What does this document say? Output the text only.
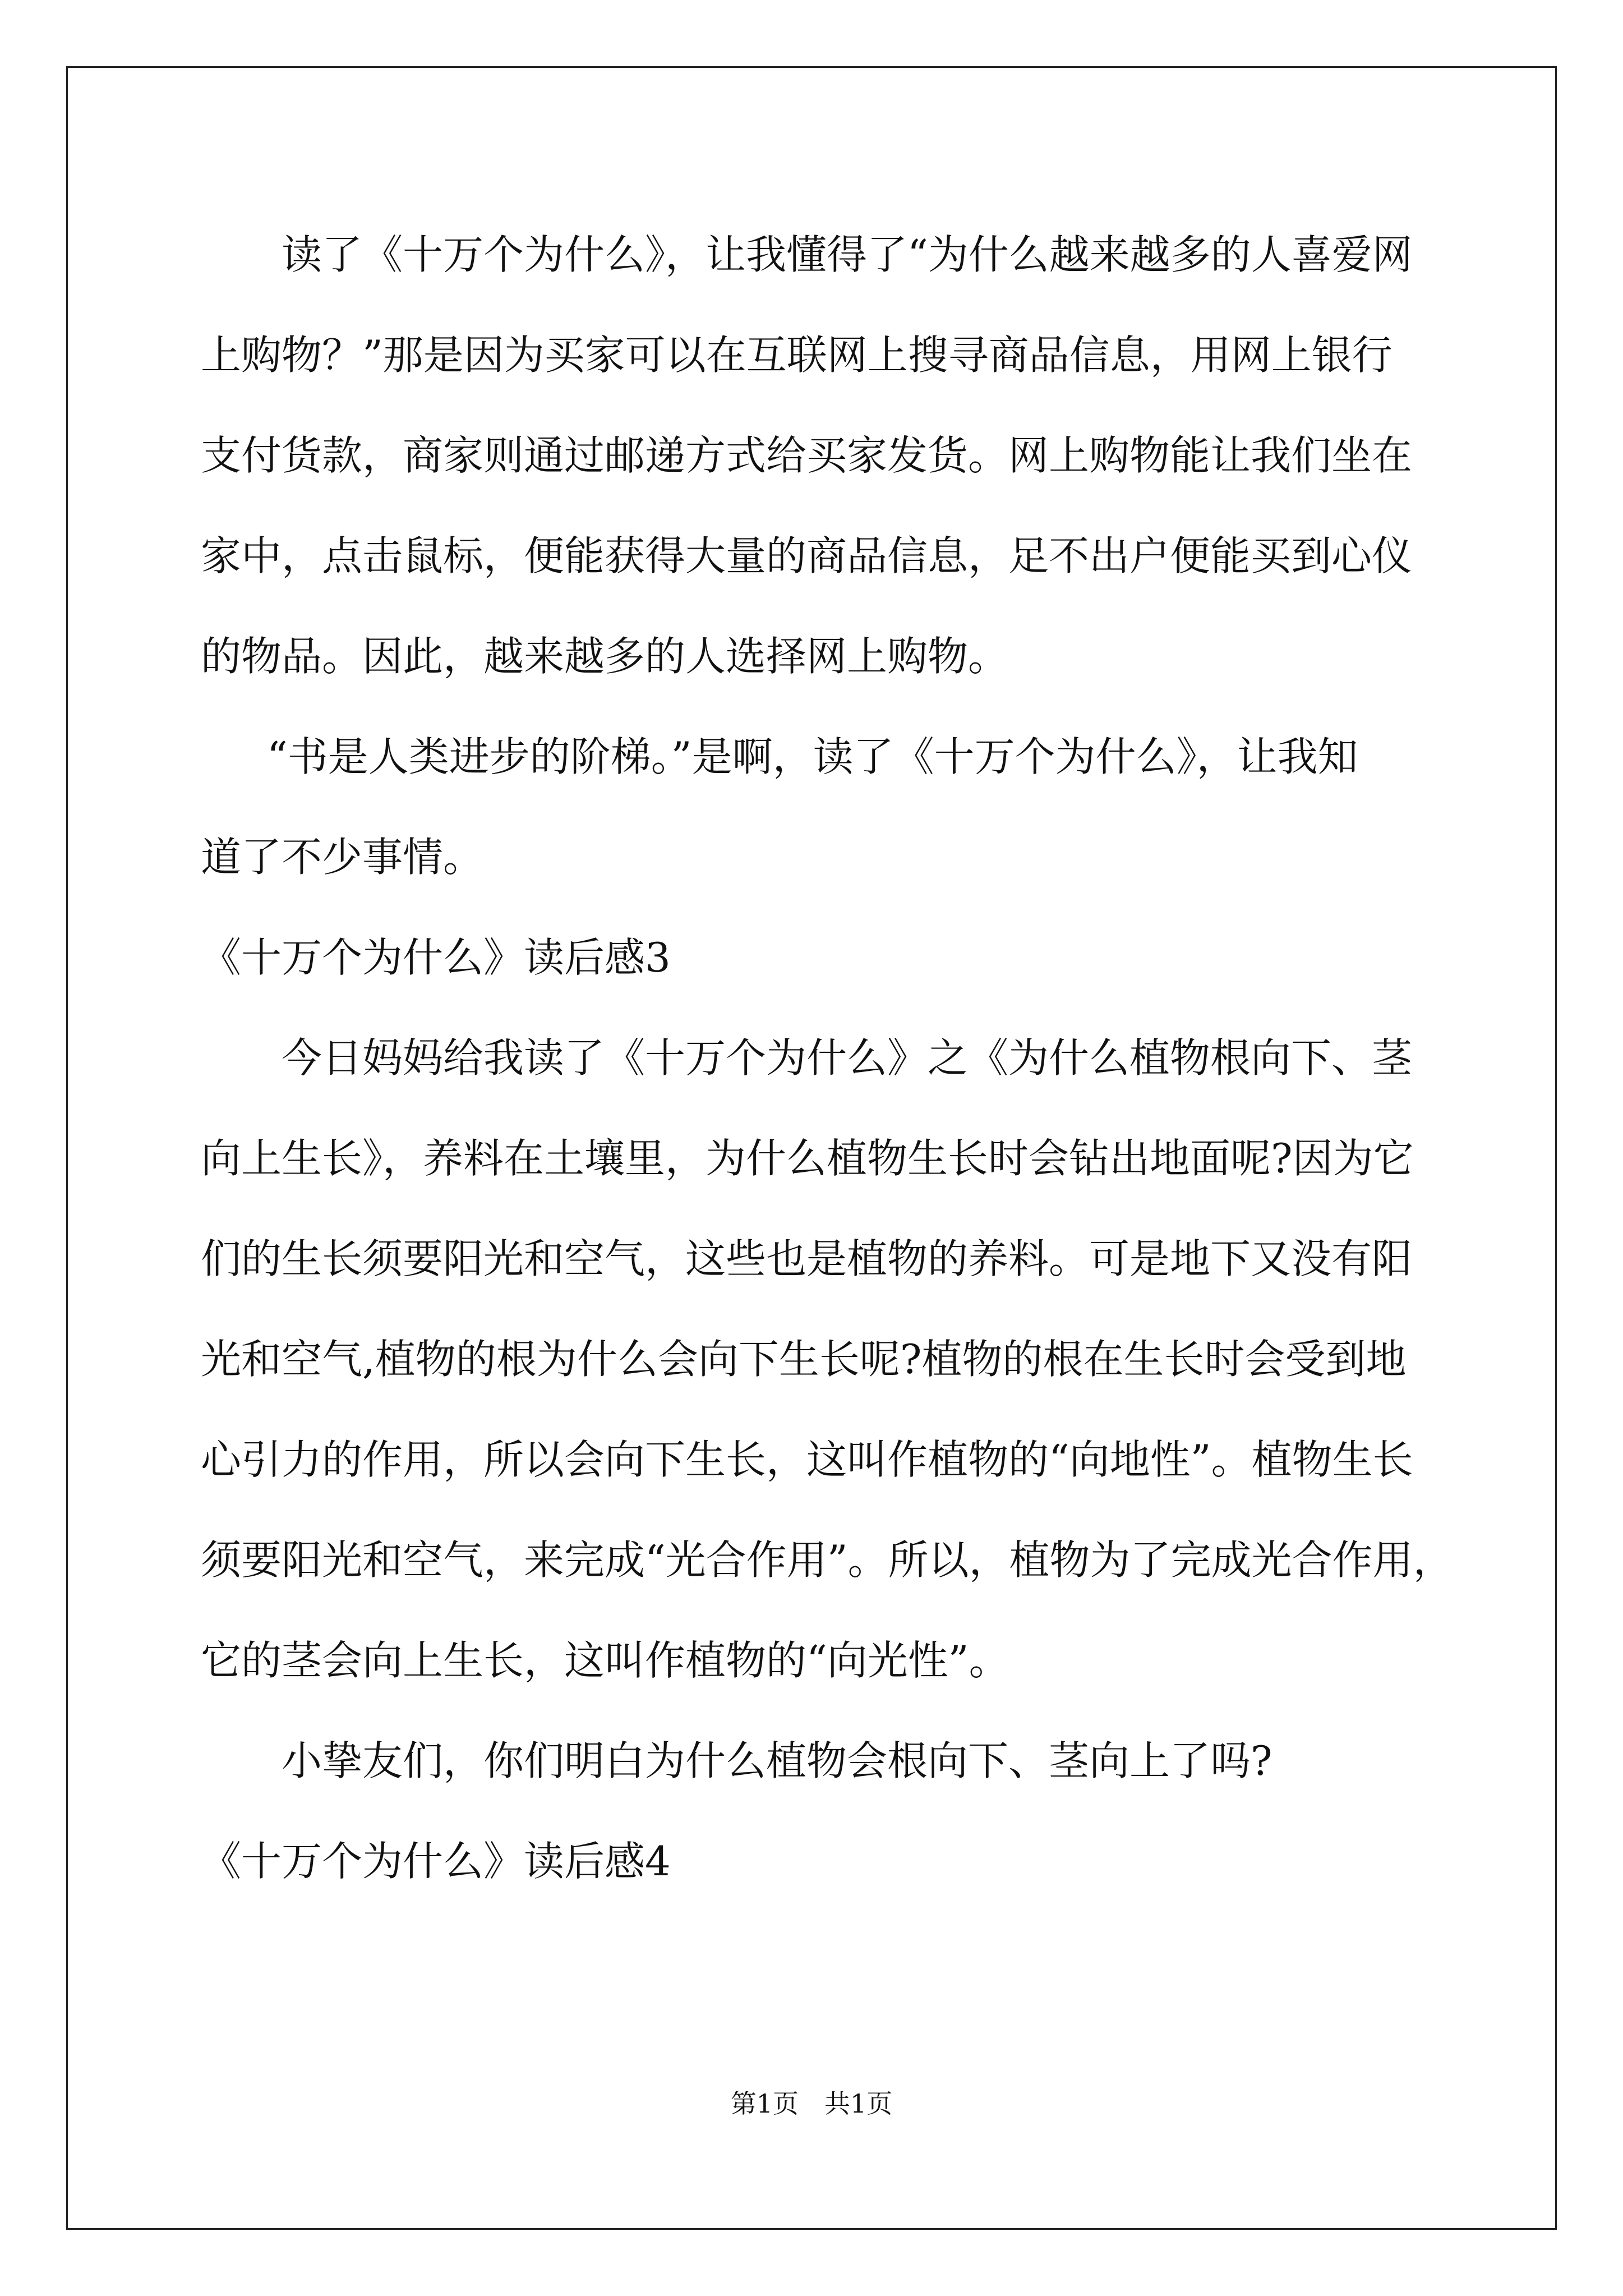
读了《十万个为什么》，让我懂得了“为什么越来越多的人喜爱网
上购物？”那是因为买家可以在互联网上搜寻商品信息，用网上银行
支付货款，商家则通过邮递方式给买家发货。网上购物能让我们坐在
家中，点击鼠标，便能获得大量的商品信息，足不出户便能买到心仪
的物品。因此，越来越多的人选择网上购物。
“书是人类进步的阶梯。”是啊，读了《十万个为什么》，让我知
道了不少事情。
《十万个为什么》读后感3
今日妈妈给我读了《十万个为什么》之《为什么植物根向下、茎
向上生长》，养料在土壤里，为什么植物生长时会钻出地面呢?因为它
们的生长须要阳光和空气，这些也是植物的养料。可是地下又没有阳
光和空气,植物的根为什么会向下生长呢?植物的根在生长时会受到地
心引力的作用，所以会向下生长，这叫作植物的“向地性”。植物生长
须要阳光和空气，来完成“光合作用”。所以，植物为了完成光合作用，
它的茎会向上生长，这叫作植物的“向光性”。
小挚友们，你们明白为什么植物会根向下、茎向上了吗?
《十万个为什么》读后感4
第1页　共1页
